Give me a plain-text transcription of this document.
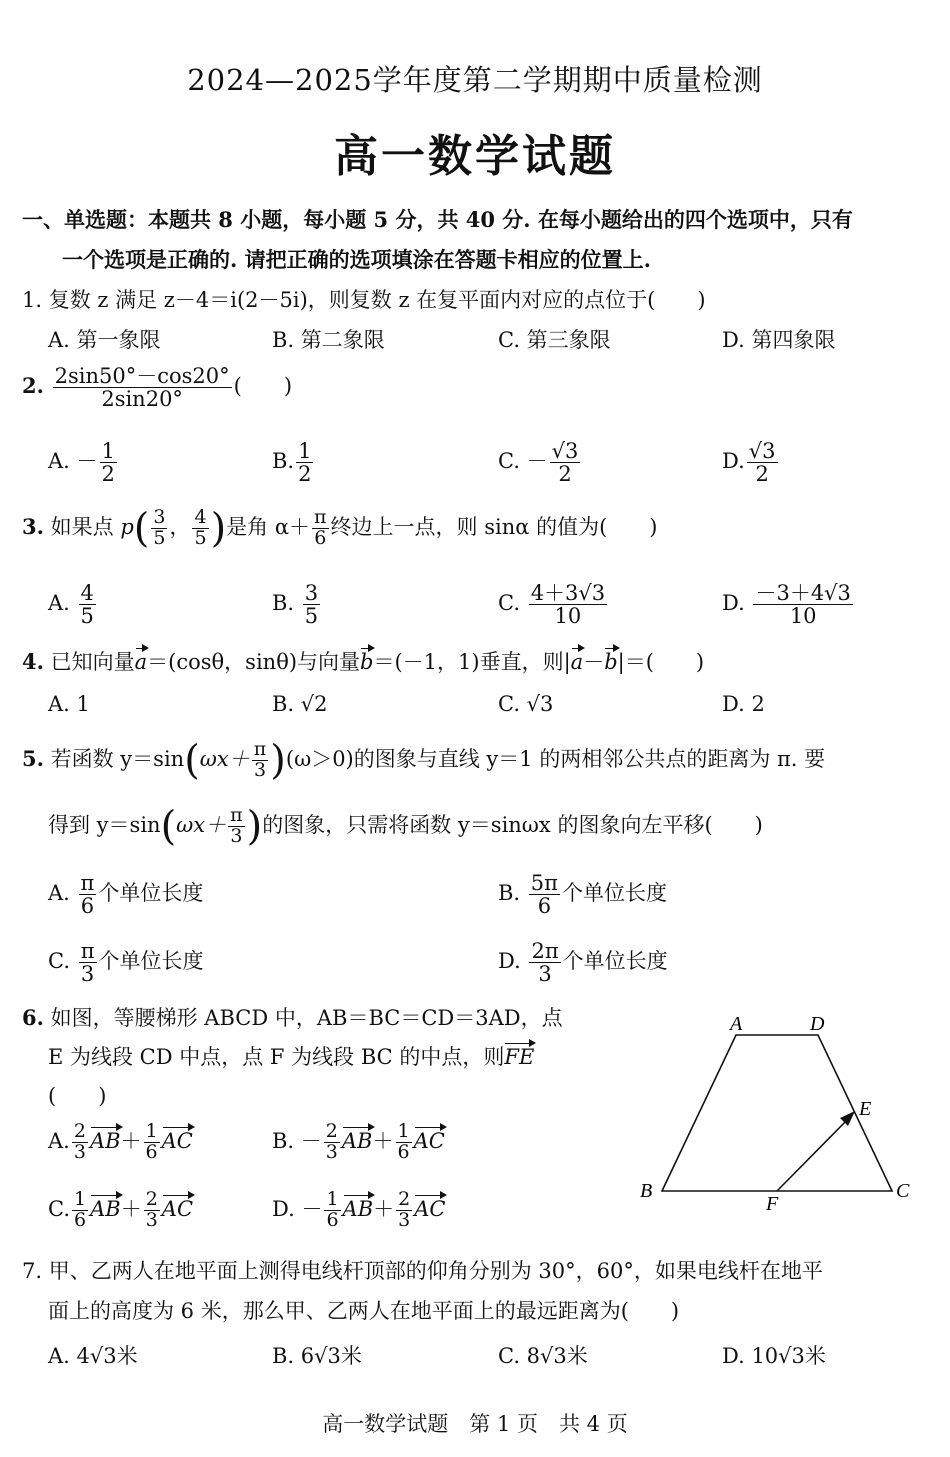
2024—2025学年度第二学期期中质量检测
高一数学试题
一、单选题：本题共 8 小题，每小题 5 分，共 40 分. 在每小题给出的四个选项中，只有
一个选项是正确的. 请把正确的选项填涂在答题卡相应的位置上.
1. 复数 z 满足 z－4＝i(2－5i)，则复数 z 在复平面内对应的点位于(　　)
A. 第一象限	B. 第二象限	C. 第三象限	D. 第四象限
2. $\frac{2\sin 50^\circ-\cos 20^\circ}{2\sin 20^\circ}$ (　　)
A. － $\frac{1}{2}$	B. $\frac{1}{2}$	C. － $\frac{√3}{2}$	D. $\frac{√3}{2}$
3. 如果点 $p( \frac{3}{5}$ ， $\frac{4}{5}$ )是角 $\alpha+ \frac{\pi}{6}$ 终边上一点，则 sinα 的值为(　　)
A. $\frac{4}{5}$	B. $\frac{3}{5}$	C. $\frac{4+3√3}{10}$	D. $\frac{-3+4√3}{10}$
4. 已知向量a＝(cosθ，sinθ)与向量b＝(－1，1)垂直，则|a－b|＝(　　)
A. 1	B. √2	C. √3	D. 2
5. 若函数 $y=\sin(\omega x+ \frac{\pi}{3} )(\omega>0)$的图象与直线 y＝1 的两相邻公共点的距离为 π. 要
得到 $y=\sin(\omega x+ \frac{\pi}{3}$ )的图象，只需将函数 y＝sinωx 的图象向左平移(　　)
A. $\frac{\pi}{6}$ 个单位长度	B. $\frac{5\pi}{6}$ 个单位长度
C. $\frac{\pi}{3}$ 个单位长度	D. $\frac{2\pi}{3}$ 个单位长度
6. 如图，等腰梯形 ABCD 中，AB＝BC＝CD＝3AD，点
E 为线段 CD 中点，点 F 为线段 BC 的中点，则FE
(　　)
A. $\frac{2}{3} AB+ \frac{1}{6}$ AC	B. － $\frac{2}{3} AB+ \frac{1}{6}$ AC
C. $\frac{1}{6} AB+ \frac{2}{3}$ AC	D. － $\frac{1}{6} AB+ \frac{2}{3}$ AC
A	D
E
B
F
C
7. 甲、乙两人在地平面上测得电线杆顶部的仰角分别为 30°，60°，如果电线杆在地平
面上的高度为 6 米，那么甲、乙两人在地平面上的最远距离为(　　)
A. 4√3米	B. 6√3米	C. 8√3米	D. 10√3米
高一数学试题　第 1 页　共 4 页
